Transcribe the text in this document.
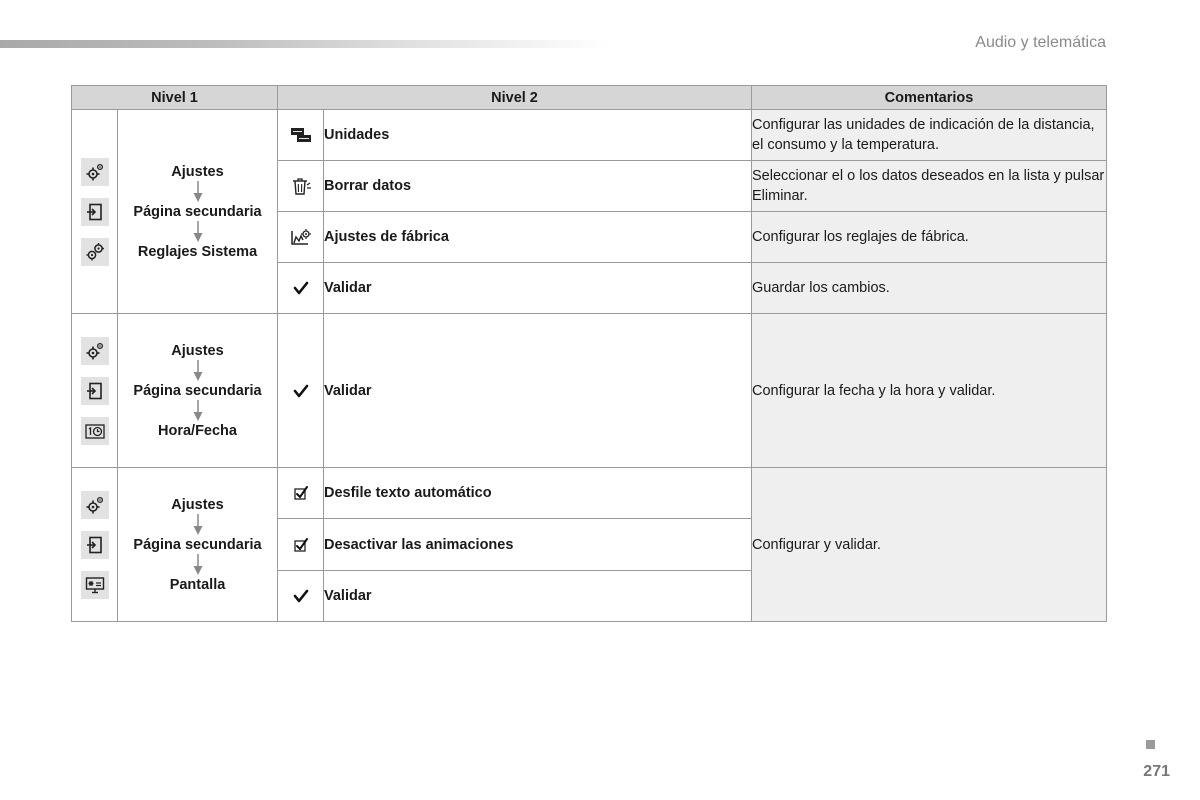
Audio y telemática
Nivel 1		Nivel 2		Comentarios

Ajustes
Página secundaria
Reglajes Sistema		Unidades	Configurar las unidades de indicación de la distancia, el consumo y la temperatura.
	Borrar datos	Seleccionar el o los datos deseados en la lista y pulsar Eliminar.
	Ajustes de fábrica	Configurar los reglajes de fábrica.
	Validar	Guardar los cambios.

Ajustes
Página secundaria
Hora/Fecha		Validar	Configurar la fecha y la hora y validar.

Ajustes
Página secundaria
Pantalla		Desfile texto automático	Configurar y validar.
	Desactivar las animaciones	
	Validar	
271
